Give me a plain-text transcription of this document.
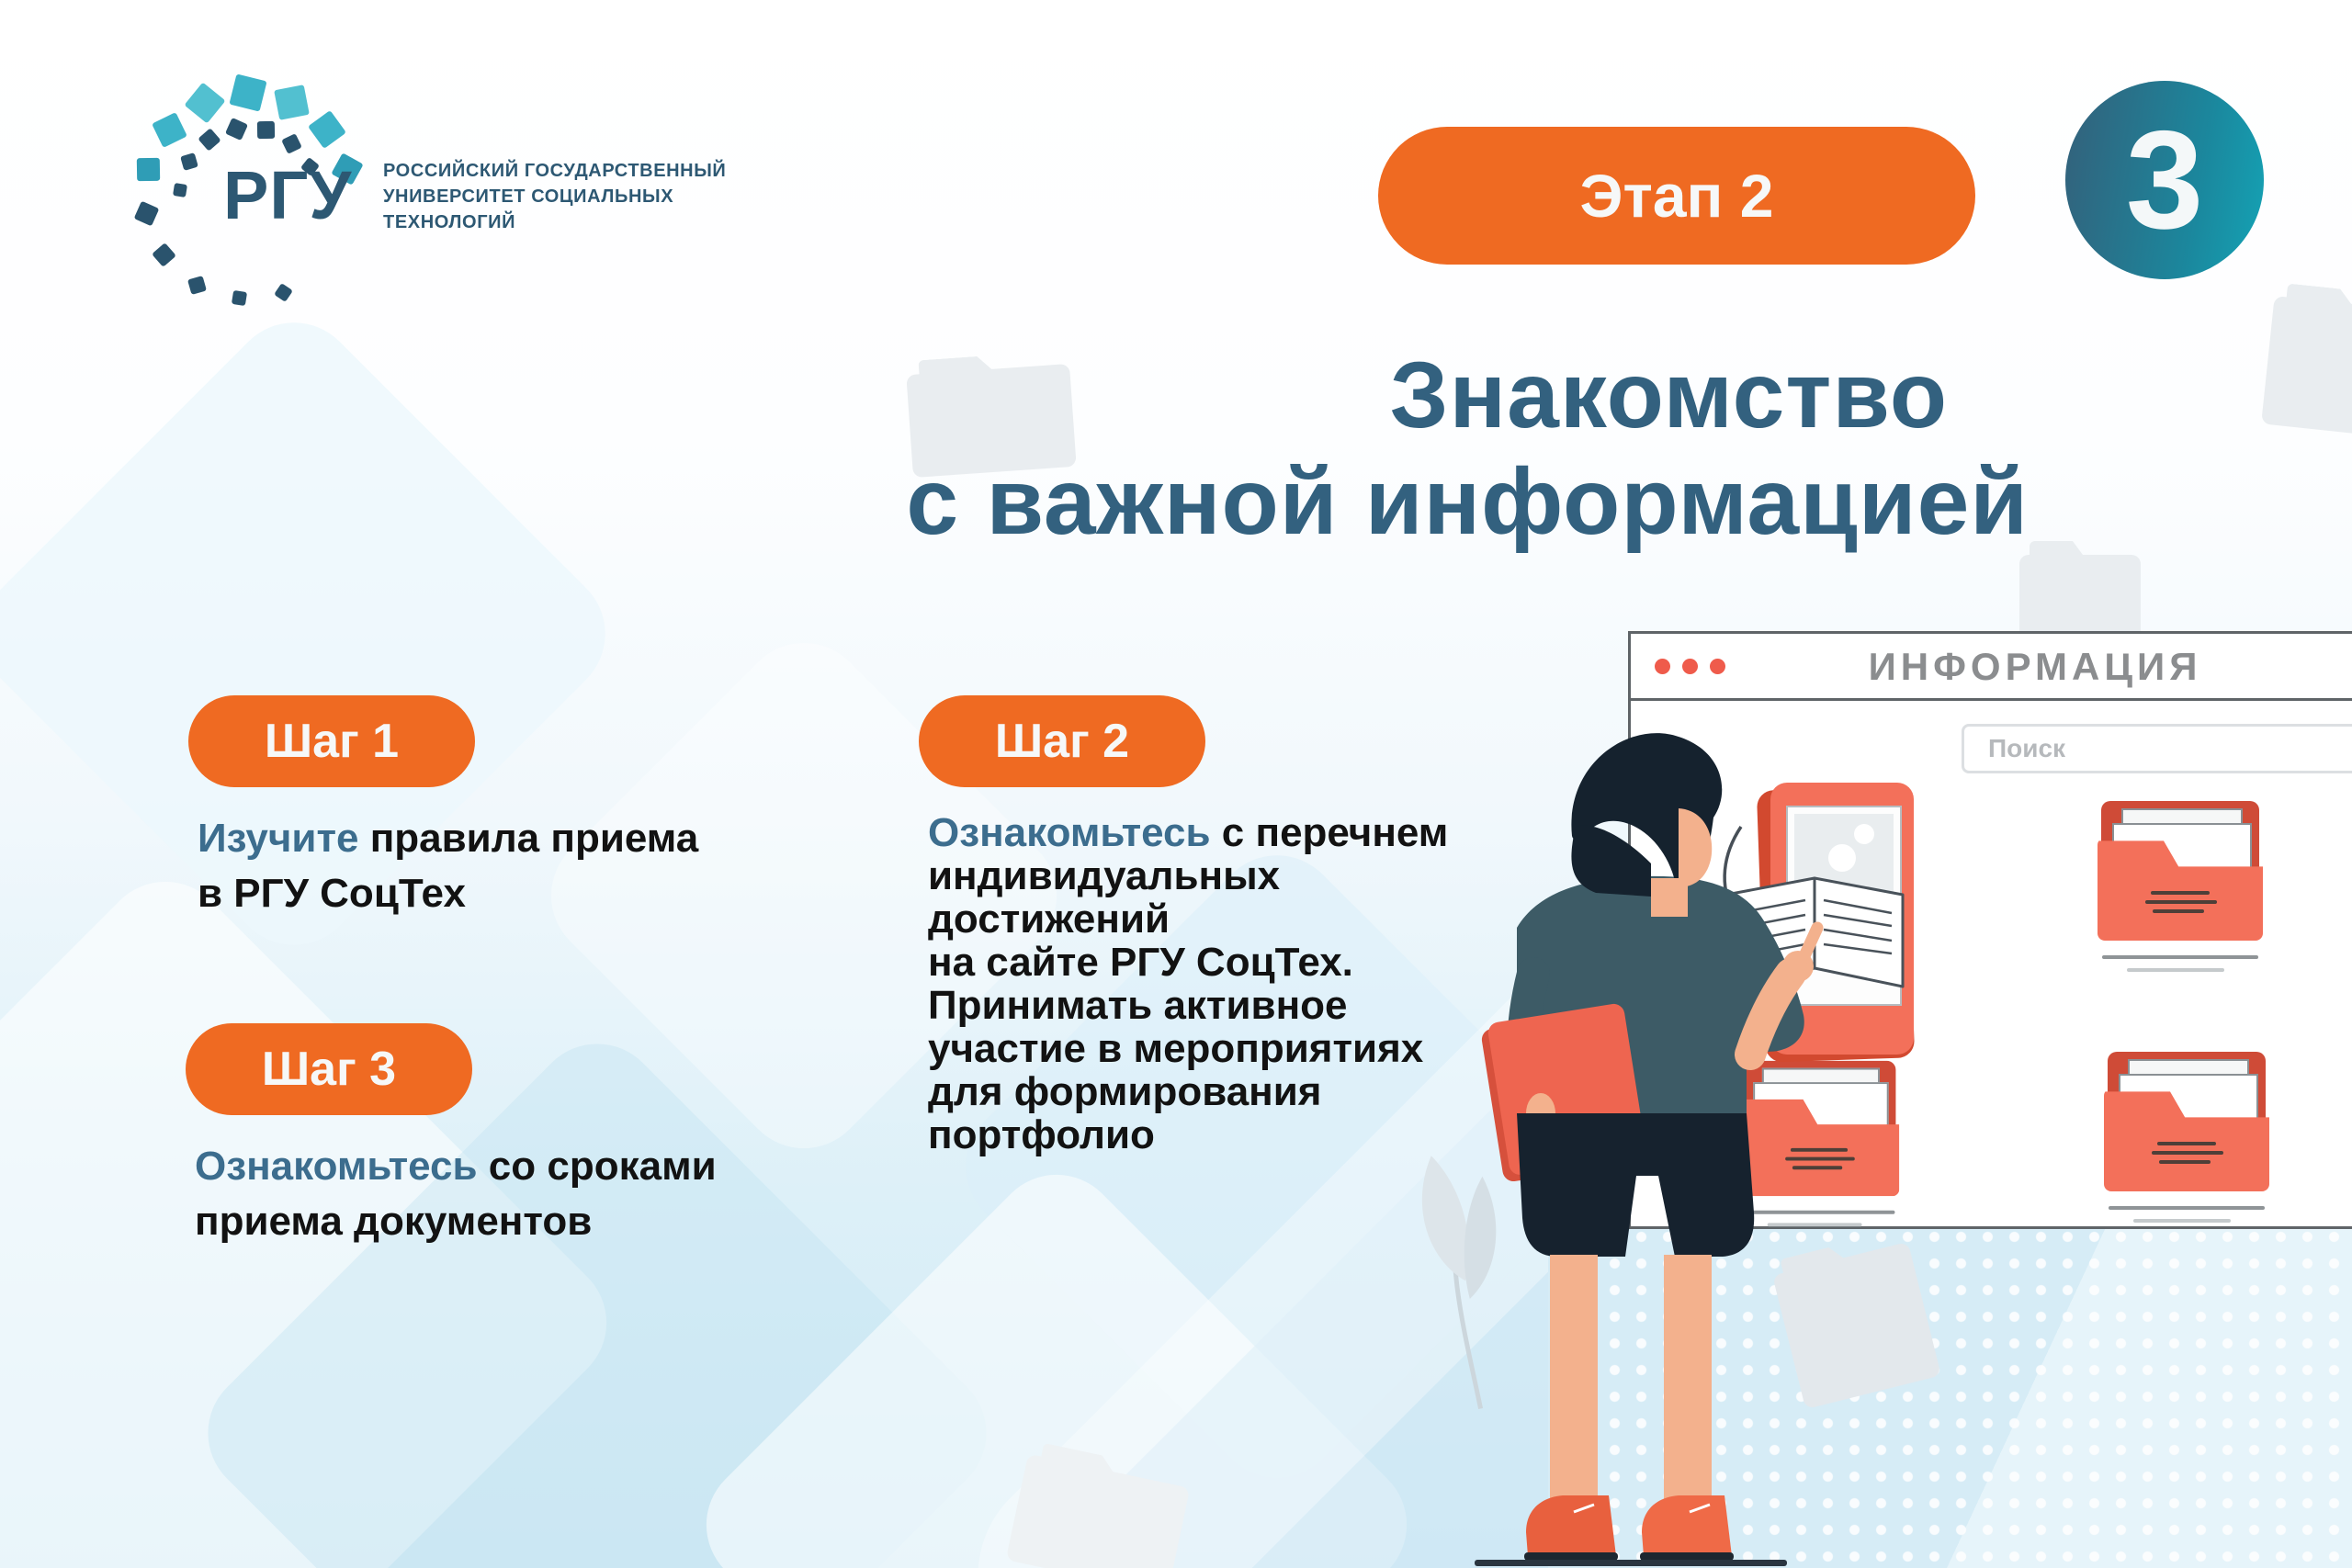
ИНФОРМАЦИЯ
Поиск
РГУ РОССИЙСКИЙ ГОСУДАРСТВЕННЫЙ
УНИВЕРСИТЕТ СОЦИАЛЬНЫХ
ТЕХНОЛОГИЙ	Этап 2	3
Знакомство
с важной информацией
Шаг 1
Изучите правила приема
в РГУ СоцТех
Шаг 2
Ознакомьтесь с перечнем
индивидуальных
достижений
на сайте РГУ СоцТех.
Принимать активное
участие в мероприятиях
для формирования
портфолио
Шаг 3
Ознакомьтесь со сроками
приема документов
